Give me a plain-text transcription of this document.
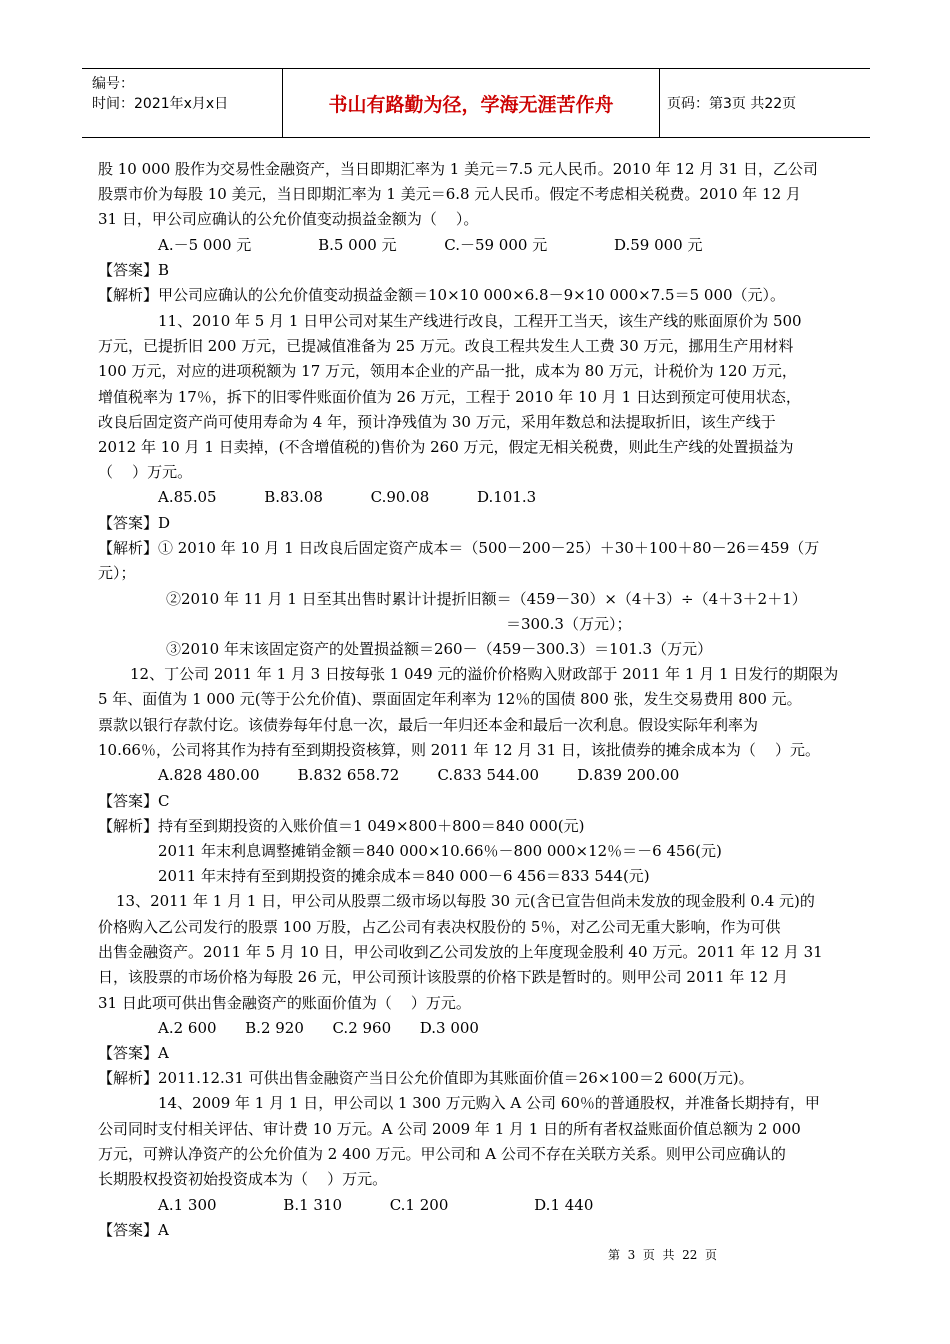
编号：
时间：2021年x月x日	书山有路勤为径，学海无涯苦作舟	页码：第3页 共22页
股 10 000 股作为交易性金融资产，当日即期汇率为 1 美元＝7.5 元人民币。2010 年 12 月 31 日，乙公司
股票市价为每股 10 美元，当日即期汇率为 1 美元＝6.8 元人民币。假定不考虑相关税费。2010 年 12 月
31 日，甲公司应确认的公允价值变动损益金额为（    ）。
A.－5 000 元              B.5 000 元          C.－59 000 元              D.59 000 元
【答案】B
【解析】甲公司应确认的公允价值变动损益金额＝10×10 000×6.8－9×10 000×7.5＝5 000（元）。
11、2010 年 5 月 1 日甲公司对某生产线进行改良，工程开工当天，该生产线的账面原价为 500
万元，已提折旧 200 万元，已提减值准备为 25 万元。改良工程共发生人工费 30 万元，挪用生产用材料
100 万元，对应的进项税额为 17 万元，领用本企业的产品一批，成本为 80 万元，计税价为 120 万元，
增值税率为 17％，拆下的旧零件账面价值为 26 万元，工程于 2010 年 10 月 1 日达到预定可使用状态，
改良后固定资产尚可使用寿命为 4 年，预计净残值为 30 万元，采用年数总和法提取折旧，该生产线于
2012 年 10 月 1 日卖掉，(不含增值税的)售价为 260 万元，假定无相关税费，则此生产线的处置损益为
（    ）万元。
A.85.05          B.83.08          C.90.08          D.101.3
【答案】D
【解析】① 2010 年 10 月 1 日改良后固定资产成本＝（500－200－25）＋30＋100＋80－26＝459（万
元）；
②2010 年 11 月 1 日至其出售时累计计提折旧额＝（459－30）×（4＋3）÷（4＋3＋2＋1）
＝300.3（万元）；
③2010 年末该固定资产的处置损益额＝260－（459－300.3）＝101.3（万元）
12、丁公司 2011 年 1 月 3 日按每张 1 049 元的溢价价格购入财政部于 2011 年 1 月 1 日发行的期限为
5 年、面值为 1 000 元(等于公允价值)、票面固定年利率为 12％的国债 800 张，发生交易费用 800 元。
票款以银行存款付讫。该债券每年付息一次，最后一年归还本金和最后一次利息。假设实际年利率为
10.66％，公司将其作为持有至到期投资核算，则 2011 年 12 月 31 日，该批债券的摊余成本为（    ）元。
A.828 480.00        B.832 658.72        C.833 544.00        D.839 200.00
【答案】C
【解析】持有至到期投资的入账价值＝1 049×800＋800＝840 000(元)
2011 年末利息调整摊销金额＝840 000×10.66％－800 000×12％＝－6 456(元)
2011 年末持有至到期投资的摊余成本＝840 000－6 456＝833 544(元)
13、2011 年 1 月 1 日，甲公司从股票二级市场以每股 30 元(含已宣告但尚未发放的现金股利 0.4 元)的
价格购入乙公司发行的股票 100 万股，占乙公司有表决权股份的 5％，对乙公司无重大影响，作为可供
出售金融资产。2011 年 5 月 10 日，甲公司收到乙公司发放的上年度现金股利 40 万元。2011 年 12 月 31
日，该股票的市场价格为每股 26 元，甲公司预计该股票的价格下跌是暂时的。则甲公司 2011 年 12 月
31 日此项可供出售金融资产的账面价值为（    ）万元。
A.2 600      B.2 920      C.2 960      D.3 000
【答案】A
【解析】2011.12.31 可供出售金融资产当日公允价值即为其账面价值＝26×100＝2 600(万元)。
14、2009 年 1 月 1 日，甲公司以 1 300 万元购入 A 公司 60％的普通股权，并准备长期持有，甲
公司同时支付相关评估、审计费 10 万元。A 公司 2009 年 1 月 1 日的所有者权益账面价值总额为 2 000
万元，可辨认净资产的公允价值为 2 400 万元。甲公司和 A 公司不存在关联方关系。则甲公司应确认的
长期股权投资初始投资成本为（    ）万元。
A.1 300              B.1 310          C.1 200                  D.1 440
【答案】A
第  3  页  共  22  页
